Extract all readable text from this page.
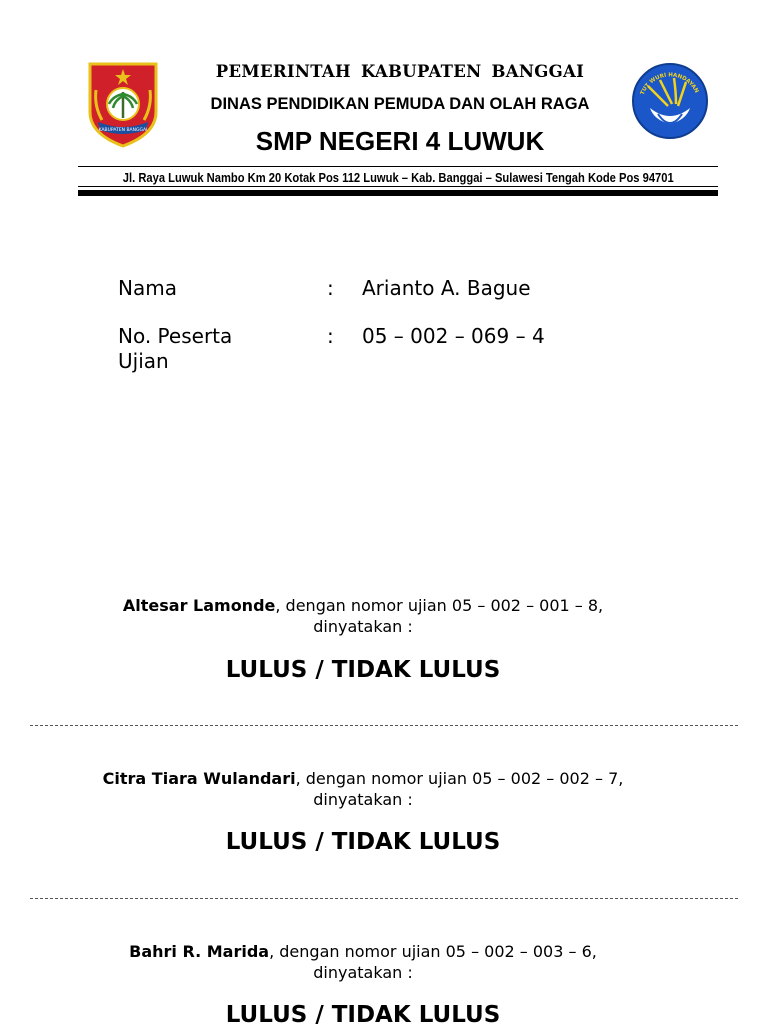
KABUPATEN BANGGAI
TUT WURI HANDAYAN
PEMERINTAH KABUPATEN BANGGAI
DINAS PENDIDIKAN PEMUDA DAN OLAH RAGA
SMP NEGERI 4 LUWUK
Jl. Raya Luwuk Nambo Km 20 Kotak Pos 112 Luwuk – Kab. Banggai – Sulawesi Tengah Kode Pos 94701
Nama	: Arianto A. Bague
No. Peserta
Ujian
: 05 – 002 – 069 – 4
Altesar Lamonde, dengan nomor ujian 05 – 002 – 001 – 8,
dinyatakan :
LULUS / TIDAK LULUS
Citra Tiara Wulandari, dengan nomor ujian 05 – 002 – 002 – 7,
dinyatakan :
LULUS / TIDAK LULUS
Bahri R. Marida, dengan nomor ujian 05 – 002 – 003 – 6,
dinyatakan :
LULUS / TIDAK LULUS
